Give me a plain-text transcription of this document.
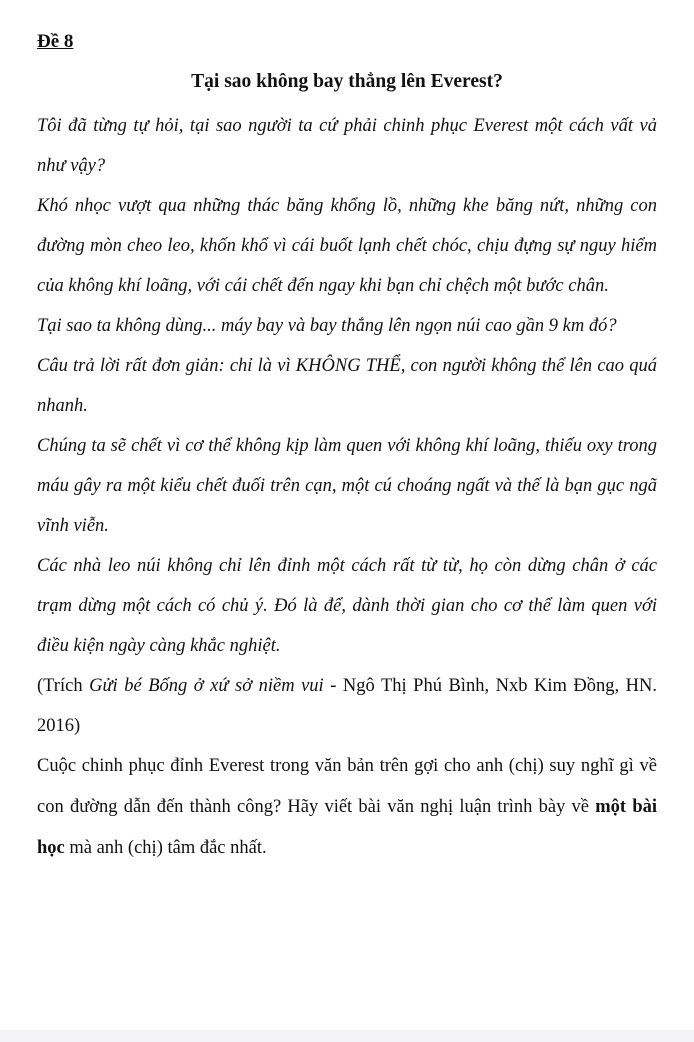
Đề 8
Tại sao không bay thẳng lên Everest?

Tôi đã từng tự hỏi, tại sao người ta cứ phải chinh phục Everest một cách vất vả như vậy?

Khó nhọc vượt qua những thác băng khổng lồ, những khe băng nứt, những con đường mòn cheo leo, khốn khổ vì cái buốt lạnh chết chóc, chịu đựng sự nguy hiểm của không khí loãng, với cái chết đến ngay khi bạn chỉ chệch một bước chân.

Tại sao ta không dùng... máy bay và bay thẳng lên ngọn núi cao gần 9 km đó?

Câu trả lời rất đơn giản: chỉ là vì KHÔNG THỂ, con người không thể lên cao quá nhanh.

Chúng ta sẽ chết vì cơ thể không kịp làm quen với không khí loãng, thiếu oxy trong máu gây ra một kiểu chết đuối trên cạn, một cú choáng ngất và thế là bạn gục ngã vĩnh viễn.

Các nhà leo núi không chỉ lên đỉnh một cách rất từ từ, họ còn dừng chân ở các trạm dừng một cách có chủ ý. Đó là để, dành thời gian cho cơ thể làm quen với điều kiện ngày càng khắc nghiệt.

(Trích Gửi bé Bống ở xứ sở niềm vui - Ngô Thị Phú Bình, Nxb Kim Đồng, HN. 2016)

Cuộc chinh phục đỉnh Everest trong văn bản trên gợi cho anh (chị) suy nghĩ gì về con đường dẫn đến thành công? Hãy viết bài văn nghị luận trình bày về một bài học mà anh (chị) tâm đắc nhất.
